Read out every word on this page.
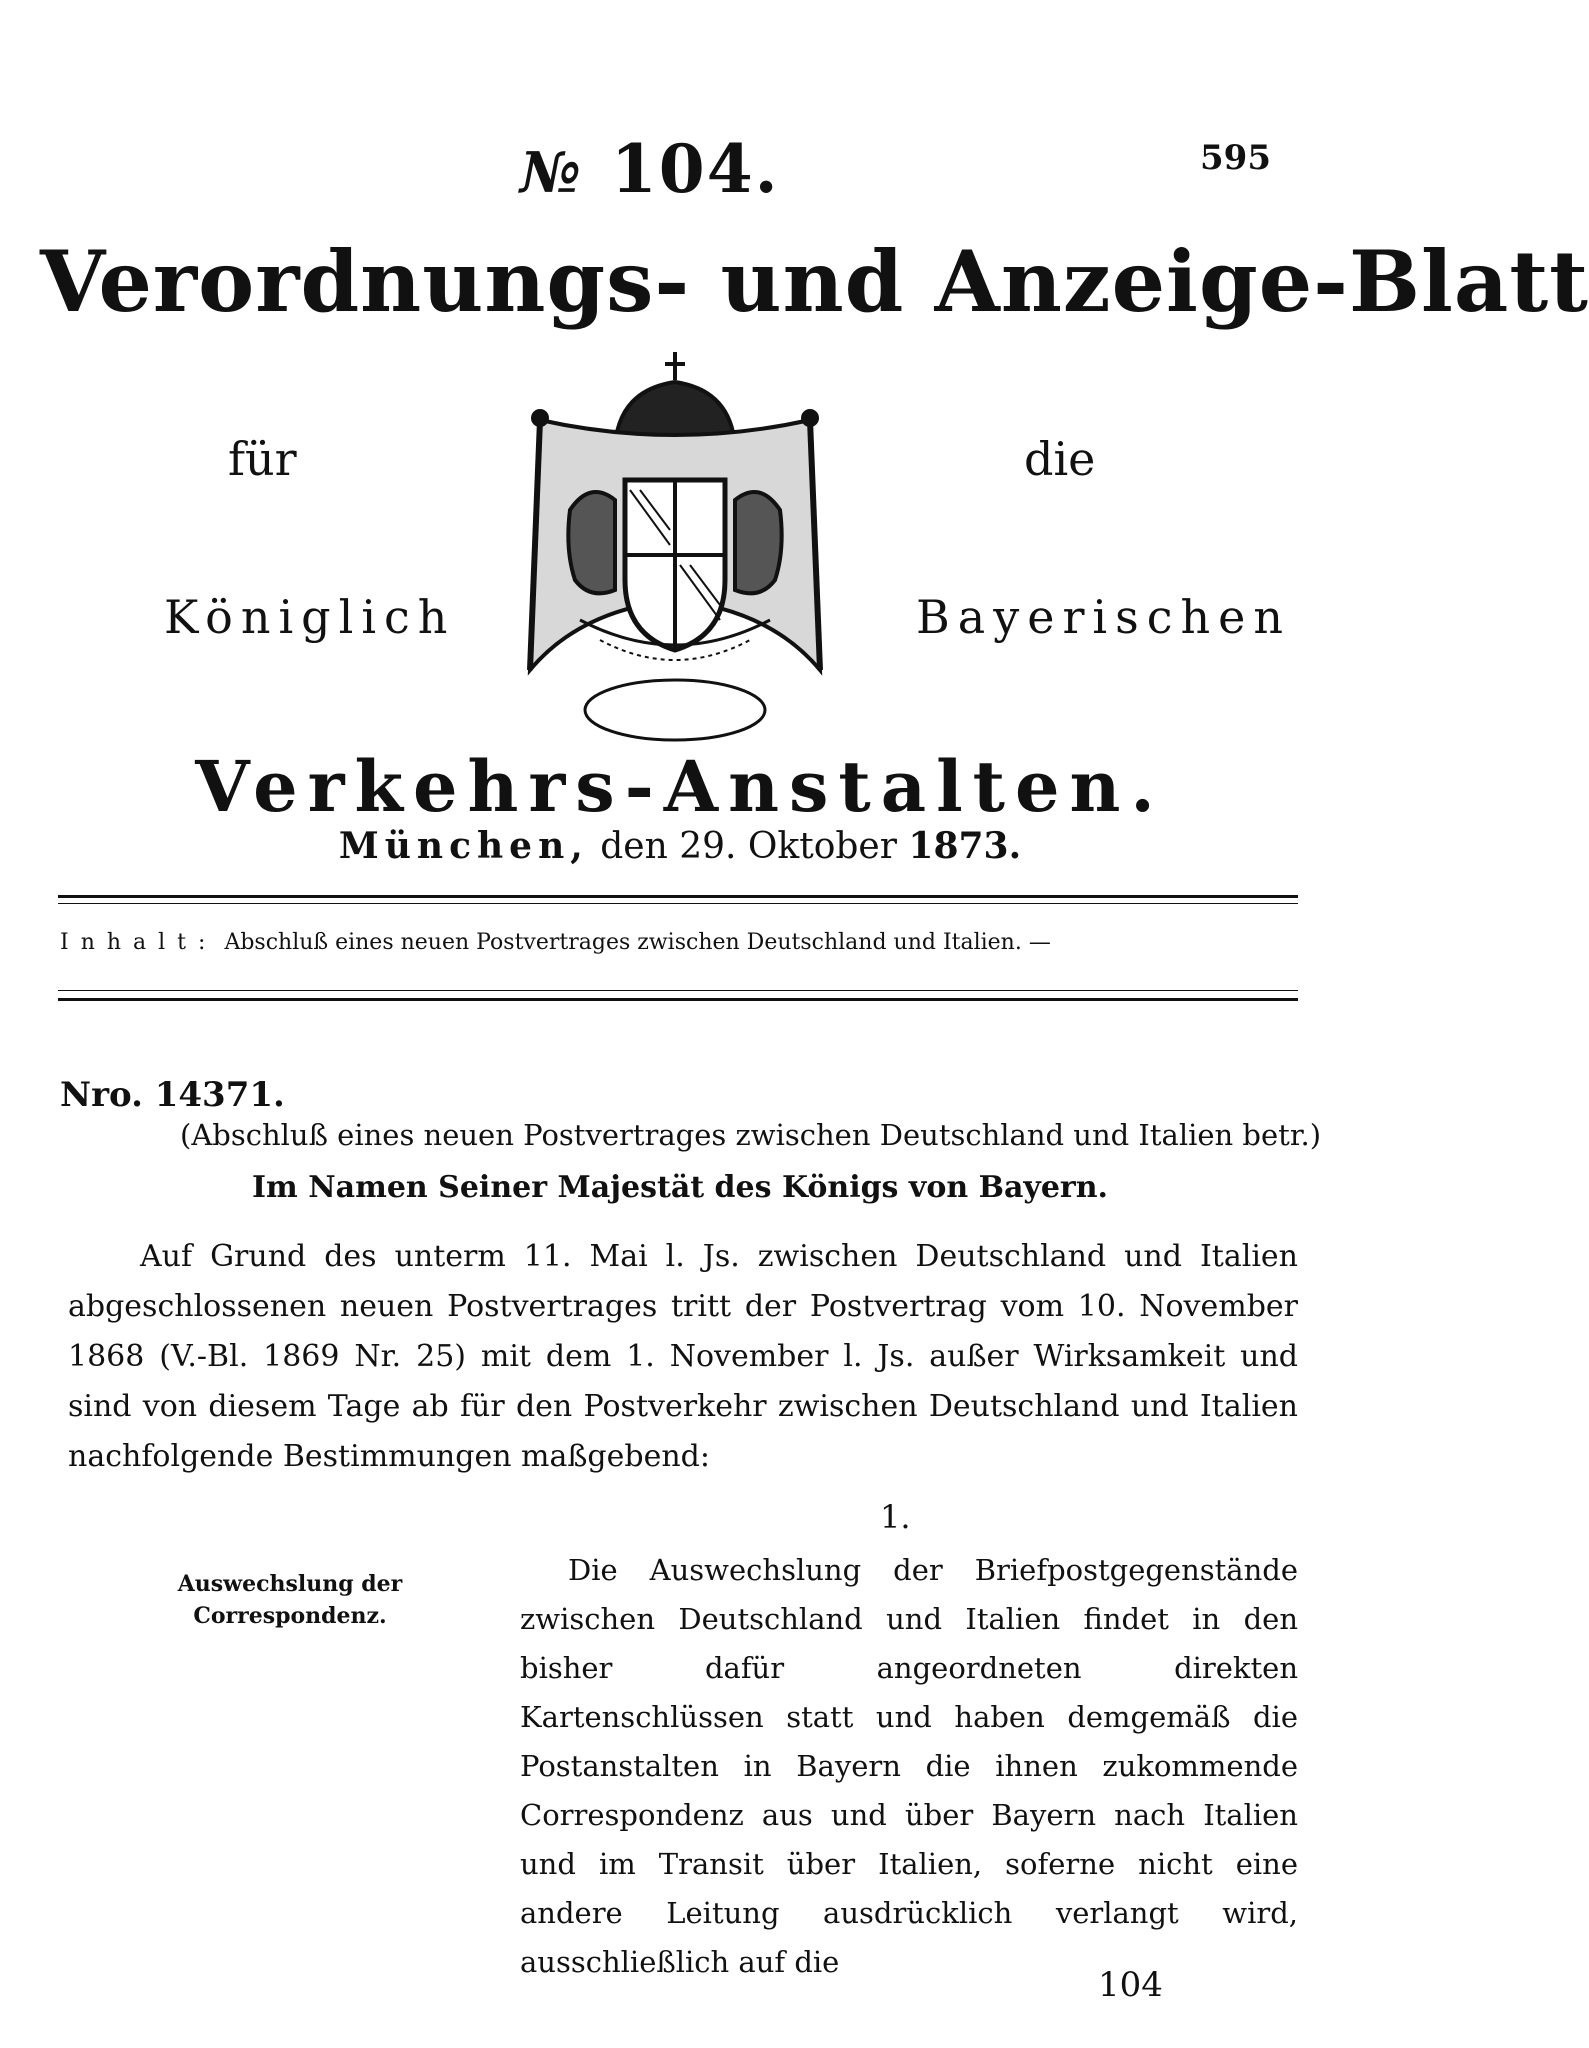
595
№ 104.
Verordnungs- und Anzeige-Blatt
für	die
Königlich	Bayerischen
Verkehrs-Anstalten.
München, den 29. Oktober 1873.
Inhalt: Abschluß eines neuen Postvertrages zwischen Deutschland und Italien. —
Nro. 14371.
(Abschluß eines neuen Postvertrages zwischen Deutschland und Italien betr.)
Im Namen Seiner Majestät des Königs von Bayern.
Auf Grund des unterm 11. Mai l. Js. zwischen Deutschland und Italien abgeschlossenen neuen Postvertrages tritt der Postvertrag vom 10. November 1868 (V.-Bl. 1869 Nr. 25) mit dem 1. November l. Js. außer Wirksamkeit und sind von diesem Tage ab für den Postverkehr zwischen Deutschland und Italien nachfolgende Bestimmungen maßgebend:
1.
Auswechslung der
Correspondenz.
Die Auswechslung der Briefpostgegenstände zwischen Deutschland und Italien findet in den bisher dafür angeordneten direkten Kartenschlüssen statt und haben demgemäß die Postanstalten in Bayern die ihnen zukommende Correspondenz aus und über Bayern nach Italien und im Transit über Italien, soferne nicht eine andere Leitung ausdrücklich verlangt wird, ausschließlich auf die
104
